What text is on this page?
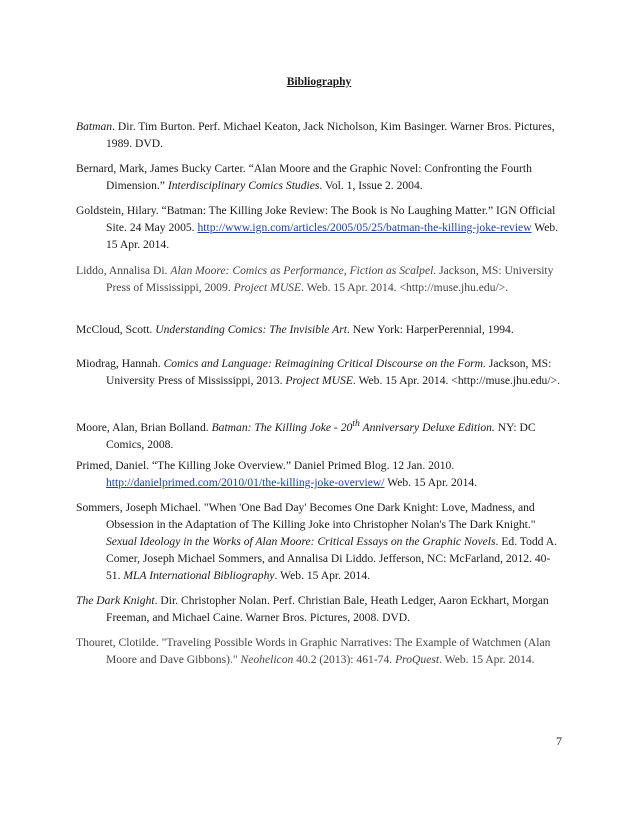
Bibliography
Batman. Dir. Tim Burton. Perf. Michael Keaton, Jack Nicholson, Kim Basinger. Warner Bros. Pictures, 1989. DVD.
Bernard, Mark, James Bucky Carter. “Alan Moore and the Graphic Novel: Confronting the Fourth Dimension.” Interdisciplinary Comics Studies. Vol. 1, Issue 2. 2004.
Goldstein, Hilary. “Batman: The Killing Joke Review: The Book is No Laughing Matter.” IGN Official Site. 24 May 2005. http://www.ign.com/articles/2005/05/25/batman-the-killing-joke-review Web. 15 Apr. 2014.
Liddo, Annalisa Di. Alan Moore: Comics as Performance, Fiction as Scalpel. Jackson, MS: University Press of Mississippi, 2009. Project MUSE. Web. 15 Apr. 2014. <http://muse.jhu.edu/>.
McCloud, Scott. Understanding Comics: The Invisible Art. New York: HarperPerennial, 1994.
Miodrag, Hannah. Comics and Language: Reimagining Critical Discourse on the Form. Jackson, MS: University Press of Mississippi, 2013. Project MUSE. Web. 15 Apr. 2014. <http://muse.jhu.edu/>.
Moore, Alan, Brian Bolland. Batman: The Killing Joke - 20th Anniversary Deluxe Edition. NY: DC Comics, 2008.
Primed, Daniel. “The Killing Joke Overview.” Daniel Primed Blog. 12 Jan. 2010. http://danielprimed.com/2010/01/the-killing-joke-overview/ Web. 15 Apr. 2014.
Sommers, Joseph Michael. "When 'One Bad Day' Becomes One Dark Knight: Love, Madness, and Obsession in the Adaptation of The Killing Joke into Christopher Nolan's The Dark Knight." Sexual Ideology in the Works of Alan Moore: Critical Essays on the Graphic Novels. Ed. Todd A. Comer, Joseph Michael Sommers, and Annalisa Di Liddo. Jefferson, NC: McFarland, 2012. 40-51. MLA International Bibliography. Web. 15 Apr. 2014.
The Dark Knight. Dir. Christopher Nolan. Perf. Christian Bale, Heath Ledger, Aaron Eckhart, Morgan Freeman, and Michael Caine. Warner Bros. Pictures, 2008. DVD.
Thouret, Clotilde. "Traveling Possible Words in Graphic Narratives: The Example of Watchmen (Alan Moore and Dave Gibbons)." Neohelicon 40.2 (2013): 461-74. ProQuest. Web. 15 Apr. 2014.
7
